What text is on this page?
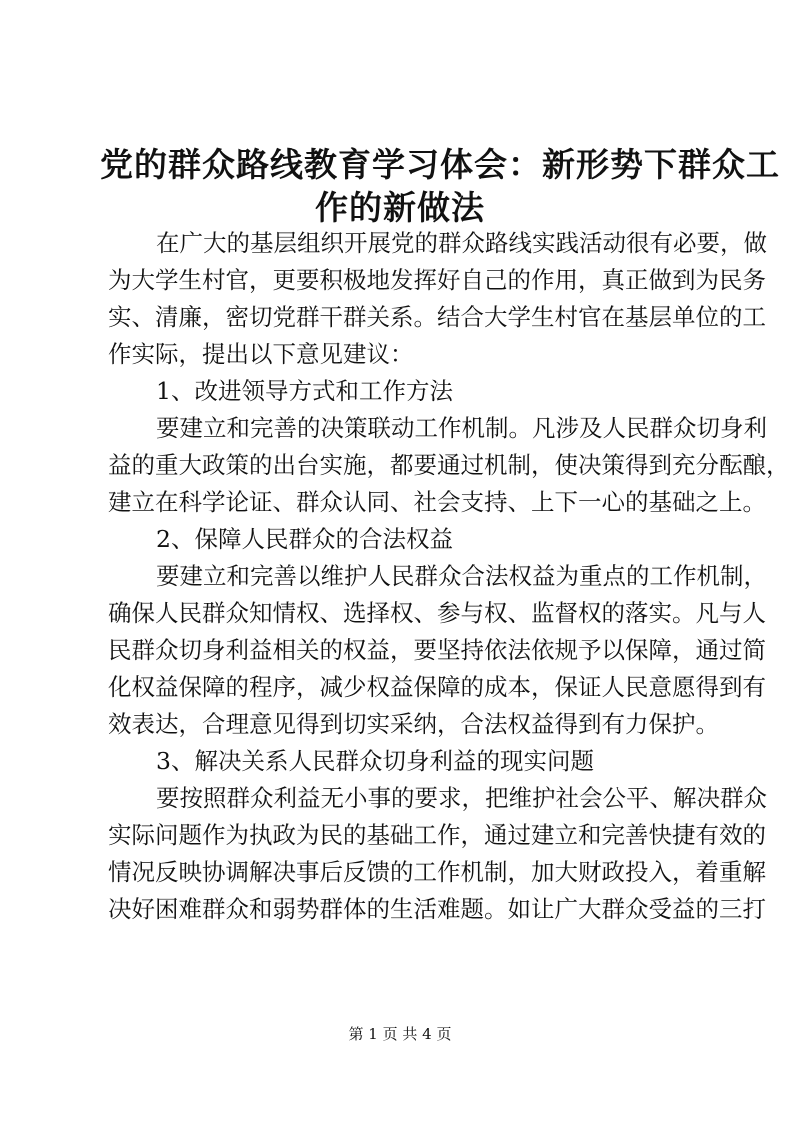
党的群众路线教育学习体会：新形势下群众工
作的新做法
在广大的基层组织开展党的群众路线实践活动很有必要，做
为大学生村官，更要积极地发挥好自己的作用，真正做到为民务
实、清廉，密切党群干群关系。结合大学生村官在基层单位的工
作实际，提出以下意见建议：
1、改进领导方式和工作方法
要建立和完善的决策联动工作机制。凡涉及人民群众切身利
益的重大政策的出台实施，都要通过机制，使决策得到充分酝酿，
建立在科学论证、群众认同、社会支持、上下一心的基础之上。
2、保障人民群众的合法权益
要建立和完善以维护人民群众合法权益为重点的工作机制，
确保人民群众知情权、选择权、参与权、监督权的落实。凡与人
民群众切身利益相关的权益，要坚持依法依规予以保障，通过简
化权益保障的程序，减少权益保障的成本，保证人民意愿得到有
效表达，合理意见得到切实采纳，合法权益得到有力保护。
3、解决关系人民群众切身利益的现实问题
要按照群众利益无小事的要求，把维护社会公平、解决群众
实际问题作为执政为民的基础工作，通过建立和完善快捷有效的
情况反映协调解决事后反馈的工作机制，加大财政投入，着重解
决好困难群众和弱势群体的生活难题。如让广大群众受益的三打
第 1 页 共 4 页
